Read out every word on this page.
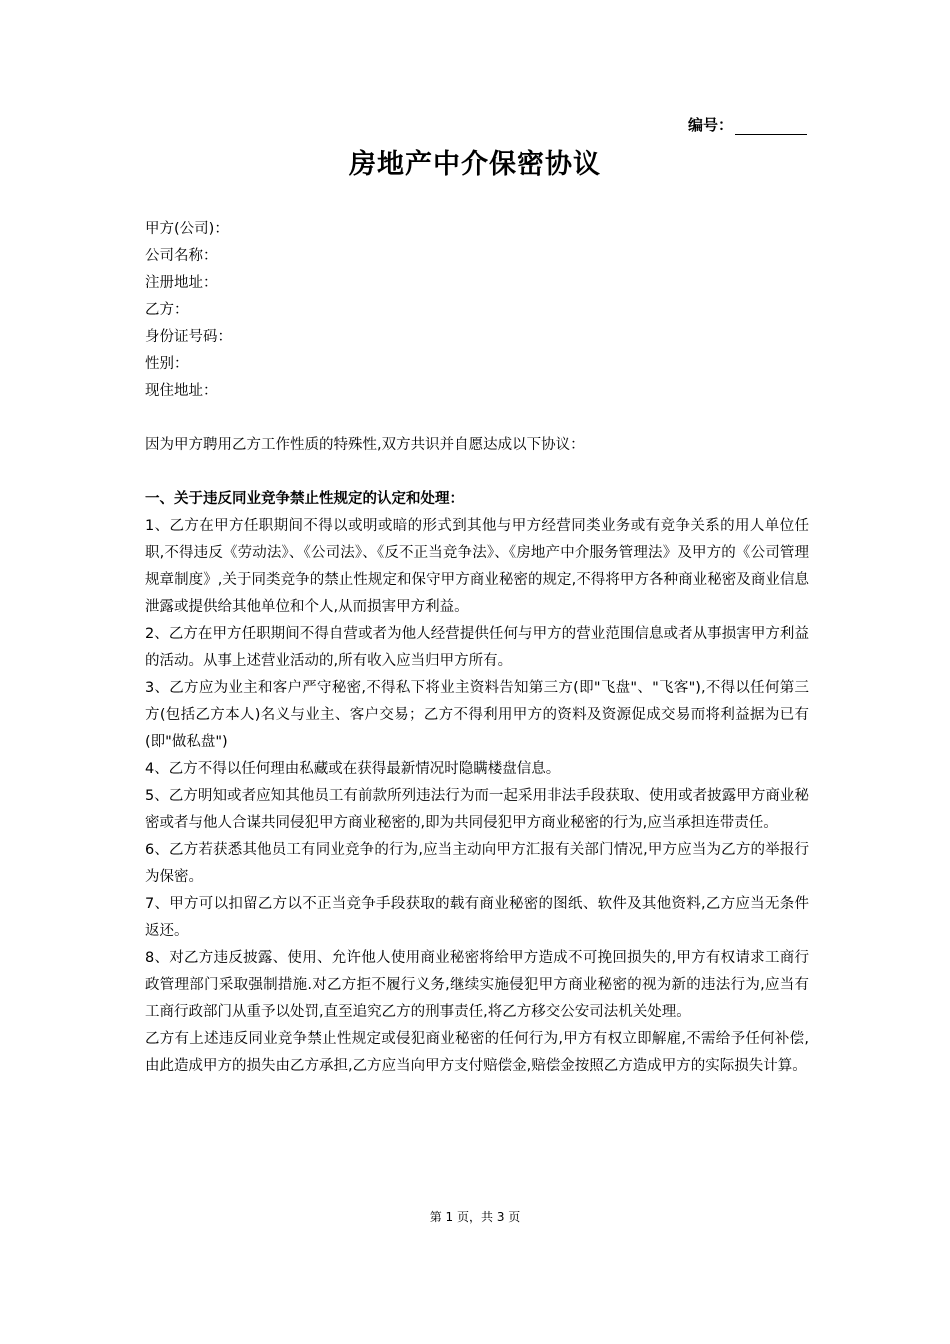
编号：
房地产中介保密协议

甲方(公司)：

公司名称：

注册地址：

乙方：

身份证号码：

性别：

现住地址：

因为甲方聘用乙方工作性质的特殊性,双方共识并自愿达成以下协议：

一、关于违反同业竞争禁止性规定的认定和处理：

1、乙方在甲方任职期间不得以或明或暗的形式到其他与甲方经营同类业务或有竞争关系的用人单位任职,不得违反《劳动法》、《公司法》、《反不正当竞争法》、《房地产中介服务管理法》及甲方的《公司管理规章制度》,关于同类竞争的禁止性规定和保守甲方商业秘密的规定,不得将甲方各种商业秘密及商业信息泄露或提供给其他单位和个人,从而损害甲方利益。

2、乙方在甲方任职期间不得自营或者为他人经营提供任何与甲方的营业范围信息或者从事损害甲方利益的活动。从事上述营业活动的,所有收入应当归甲方所有。

3、乙方应为业主和客户严守秘密,不得私下将业主资料告知第三方(即"飞盘"、"飞客"),不得以任何第三方(包括乙方本人)名义与业主、客户交易；乙方不得利用甲方的资料及资源促成交易而将利益据为已有(即"做私盘")

4、乙方不得以任何理由私藏或在获得最新情况时隐瞒楼盘信息。

5、乙方明知或者应知其他员工有前款所列违法行为而一起采用非法手段获取、使用或者披露甲方商业秘密或者与他人合谋共同侵犯甲方商业秘密的,即为共同侵犯甲方商业秘密的行为,应当承担连带责任。

6、乙方若获悉其他员工有同业竞争的行为,应当主动向甲方汇报有关部门情况,甲方应当为乙方的举报行为保密。

7、甲方可以扣留乙方以不正当竞争手段获取的载有商业秘密的图纸、软件及其他资料,乙方应当无条件返还。

8、对乙方违反披露、使用、允许他人使用商业秘密将给甲方造成不可挽回损失的,甲方有权请求工商行政管理部门采取强制措施.对乙方拒不履行义务,继续实施侵犯甲方商业秘密的视为新的违法行为,应当有工商行政部门从重予以处罚,直至追究乙方的刑事责任,将乙方移交公安司法机关处理。

乙方有上述违反同业竞争禁止性规定或侵犯商业秘密的任何行为,甲方有权立即解雇,不需给予任何补偿,由此造成甲方的损失由乙方承担,乙方应当向甲方支付赔偿金,赔偿金按照乙方造成甲方的实际损失计算。

第 1 页，共 3 页
